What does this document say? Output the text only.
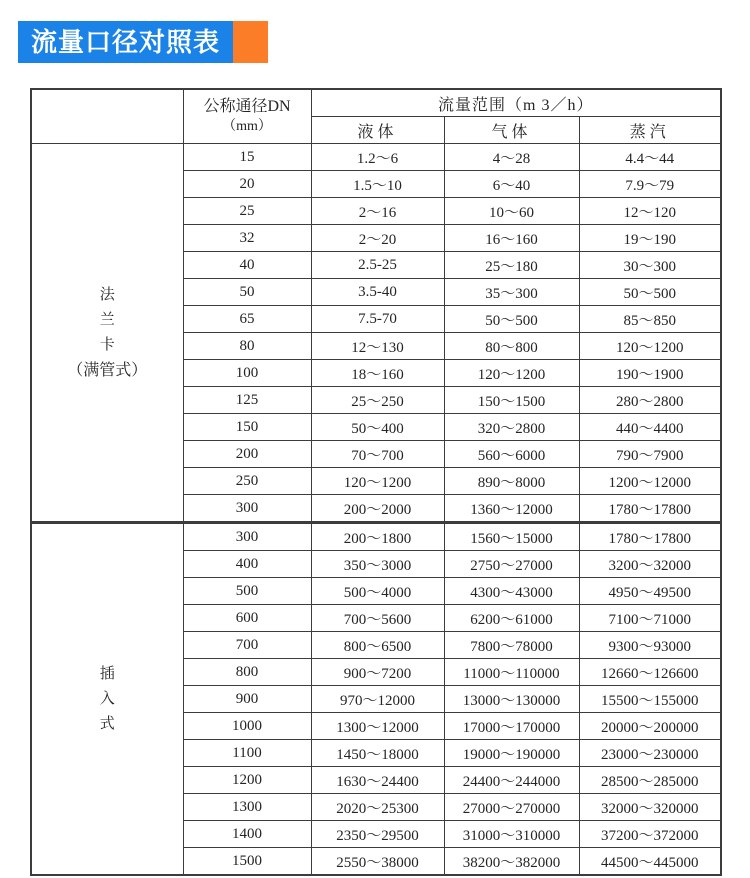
流量口径对照表

	公称通径DN
（mm）	流量范围（m 3／h）		
		液体	气体	蒸汽

法
兰
卡
（满管式）	15	1.2～6	4～28	4.4～44
	20	1.5～10	6～40	7.9～79
	25	2～16	10～60	12～120
	32	2～20	16～160	19～190
	40	2.5-25	25～180	30～300
	50	3.5-40	35～300	50～500
	65	7.5-70	50～500	85～850
	80	12～130	80～800	120～1200
	100	18～160	120～1200	190～1900
	125	25～250	150～1500	280～2800
	150	50～400	320～2800	440～4400
	200	70～700	560～6000	790～7900
	250	120～1200	890～8000	1200～12000
	300	200～2000	1360～12000	1780～17800

插
入
式	300	200～1800	1560～15000	1780～17800
	400	350～3000	2750～27000	3200～32000
	500	500～4000	4300～43000	4950～49500
	600	700～5600	6200～61000	7100～71000
	700	800～6500	7800～78000	9300～93000
	800	900～7200	11000～110000	12660～126600
	900	970～12000	13000～130000	15500～155000
	1000	1300～12000	17000～170000	20000～200000
	1100	1450～18000	19000～190000	23000～230000
	1200	1630～24400	24400～244000	28500～285000
	1300	2020～25300	27000～270000	32000～320000
	1400	2350～29500	31000～310000	37200～372000
	1500	2550～38000	38200～382000	44500～445000
